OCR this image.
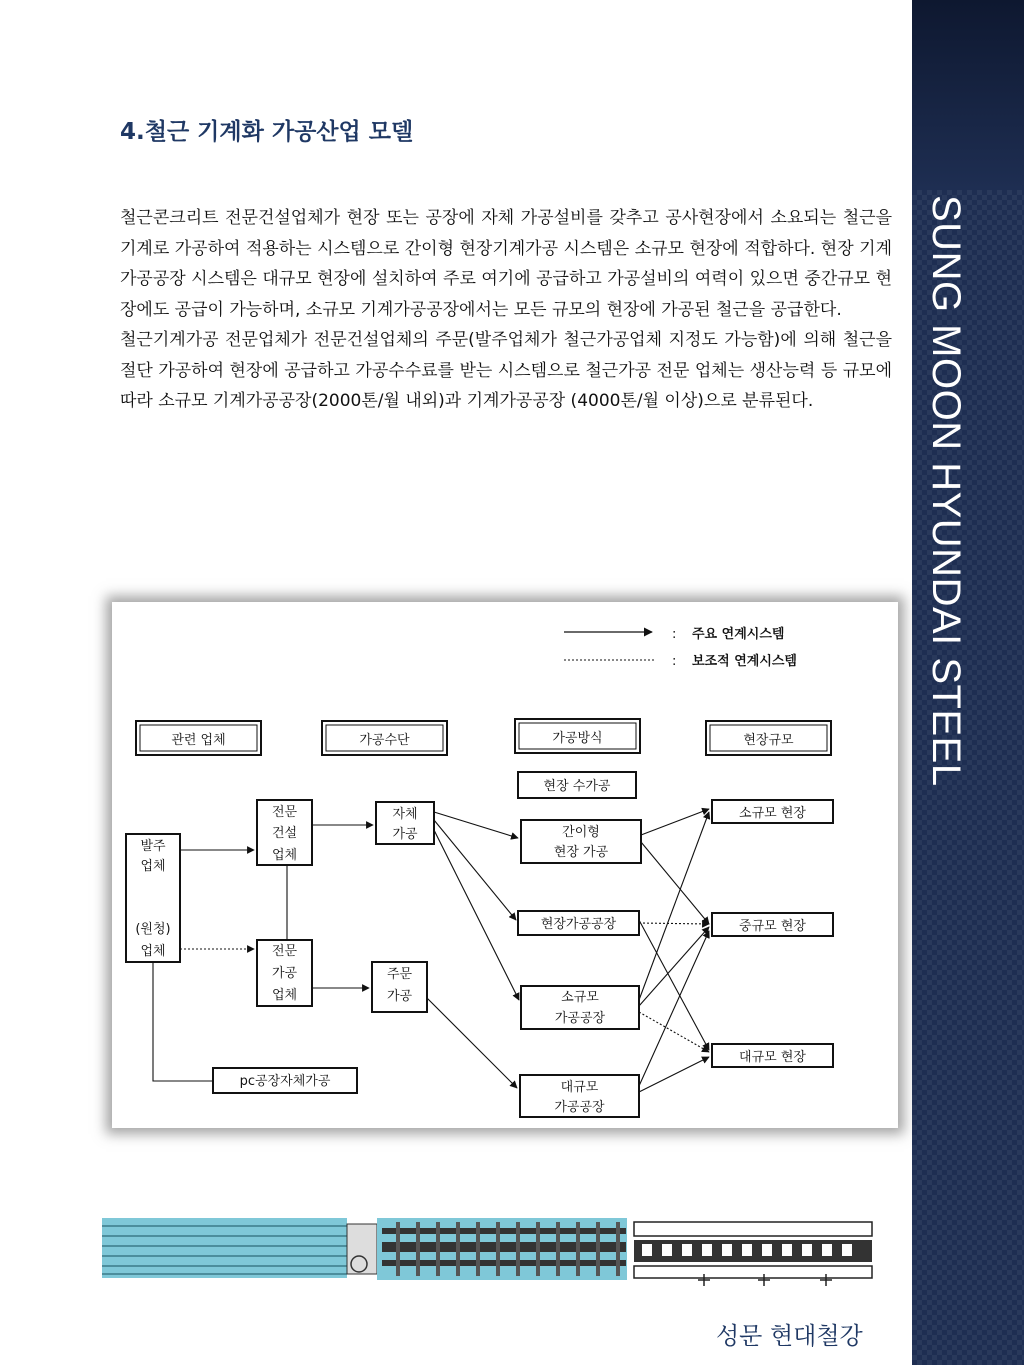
SUNG MOON HYUNDAI STEEL
4.철근 기계화 가공산업 모델

철근콘크리트 전문건설업체가 현장 또는 공장에 자체 가공설비를 갖추고 공사현장에서 소요되는 철근을 기계로 가공하여 적용하는 시스템으로 간이형 현장기계가공 시스템은 소규모 현장에 적합하다. 현장 기계가공공장 시스템은 대규모 현장에 설치하여 주로 여기에 공급하고 가공설비의 여력이 있으면 중간규모 현장에도 공급이 가능하며, 소규모 기계가공공장에서는 모든 규모의 현장에 가공된 철근을 공급한다.

철근기계가공 전문업체가 전문건설업체의 주문(발주업체가 철근가공업체 지정도 가능함)에 의해 철근을 절단 가공하여 현장에 공급하고 가공수수료를 받는 시스템으로 철근가공 전문 업체는 생산능력 등 규모에 따라 소규모 기계가공공장(2000톤/월 내외)과 기계가공공장 (4000톤/월 이상)으로 분류된다.

: 주요 연계시스템
: 보조적 연계시스템
관련 업체	가공수단	가공방식	현장규모
발주
업체
(원청)
업체
전문
건설
업체
전문
가공
업체
pc공장자체가공
자체
가공
주문
가공
현장 수가공
간이형
현장 가공
현장가공공장
소규모
가공공장
대규모
가공공장
소규모 현장
중규모 현장
대규모 현장

성문 현대철강
